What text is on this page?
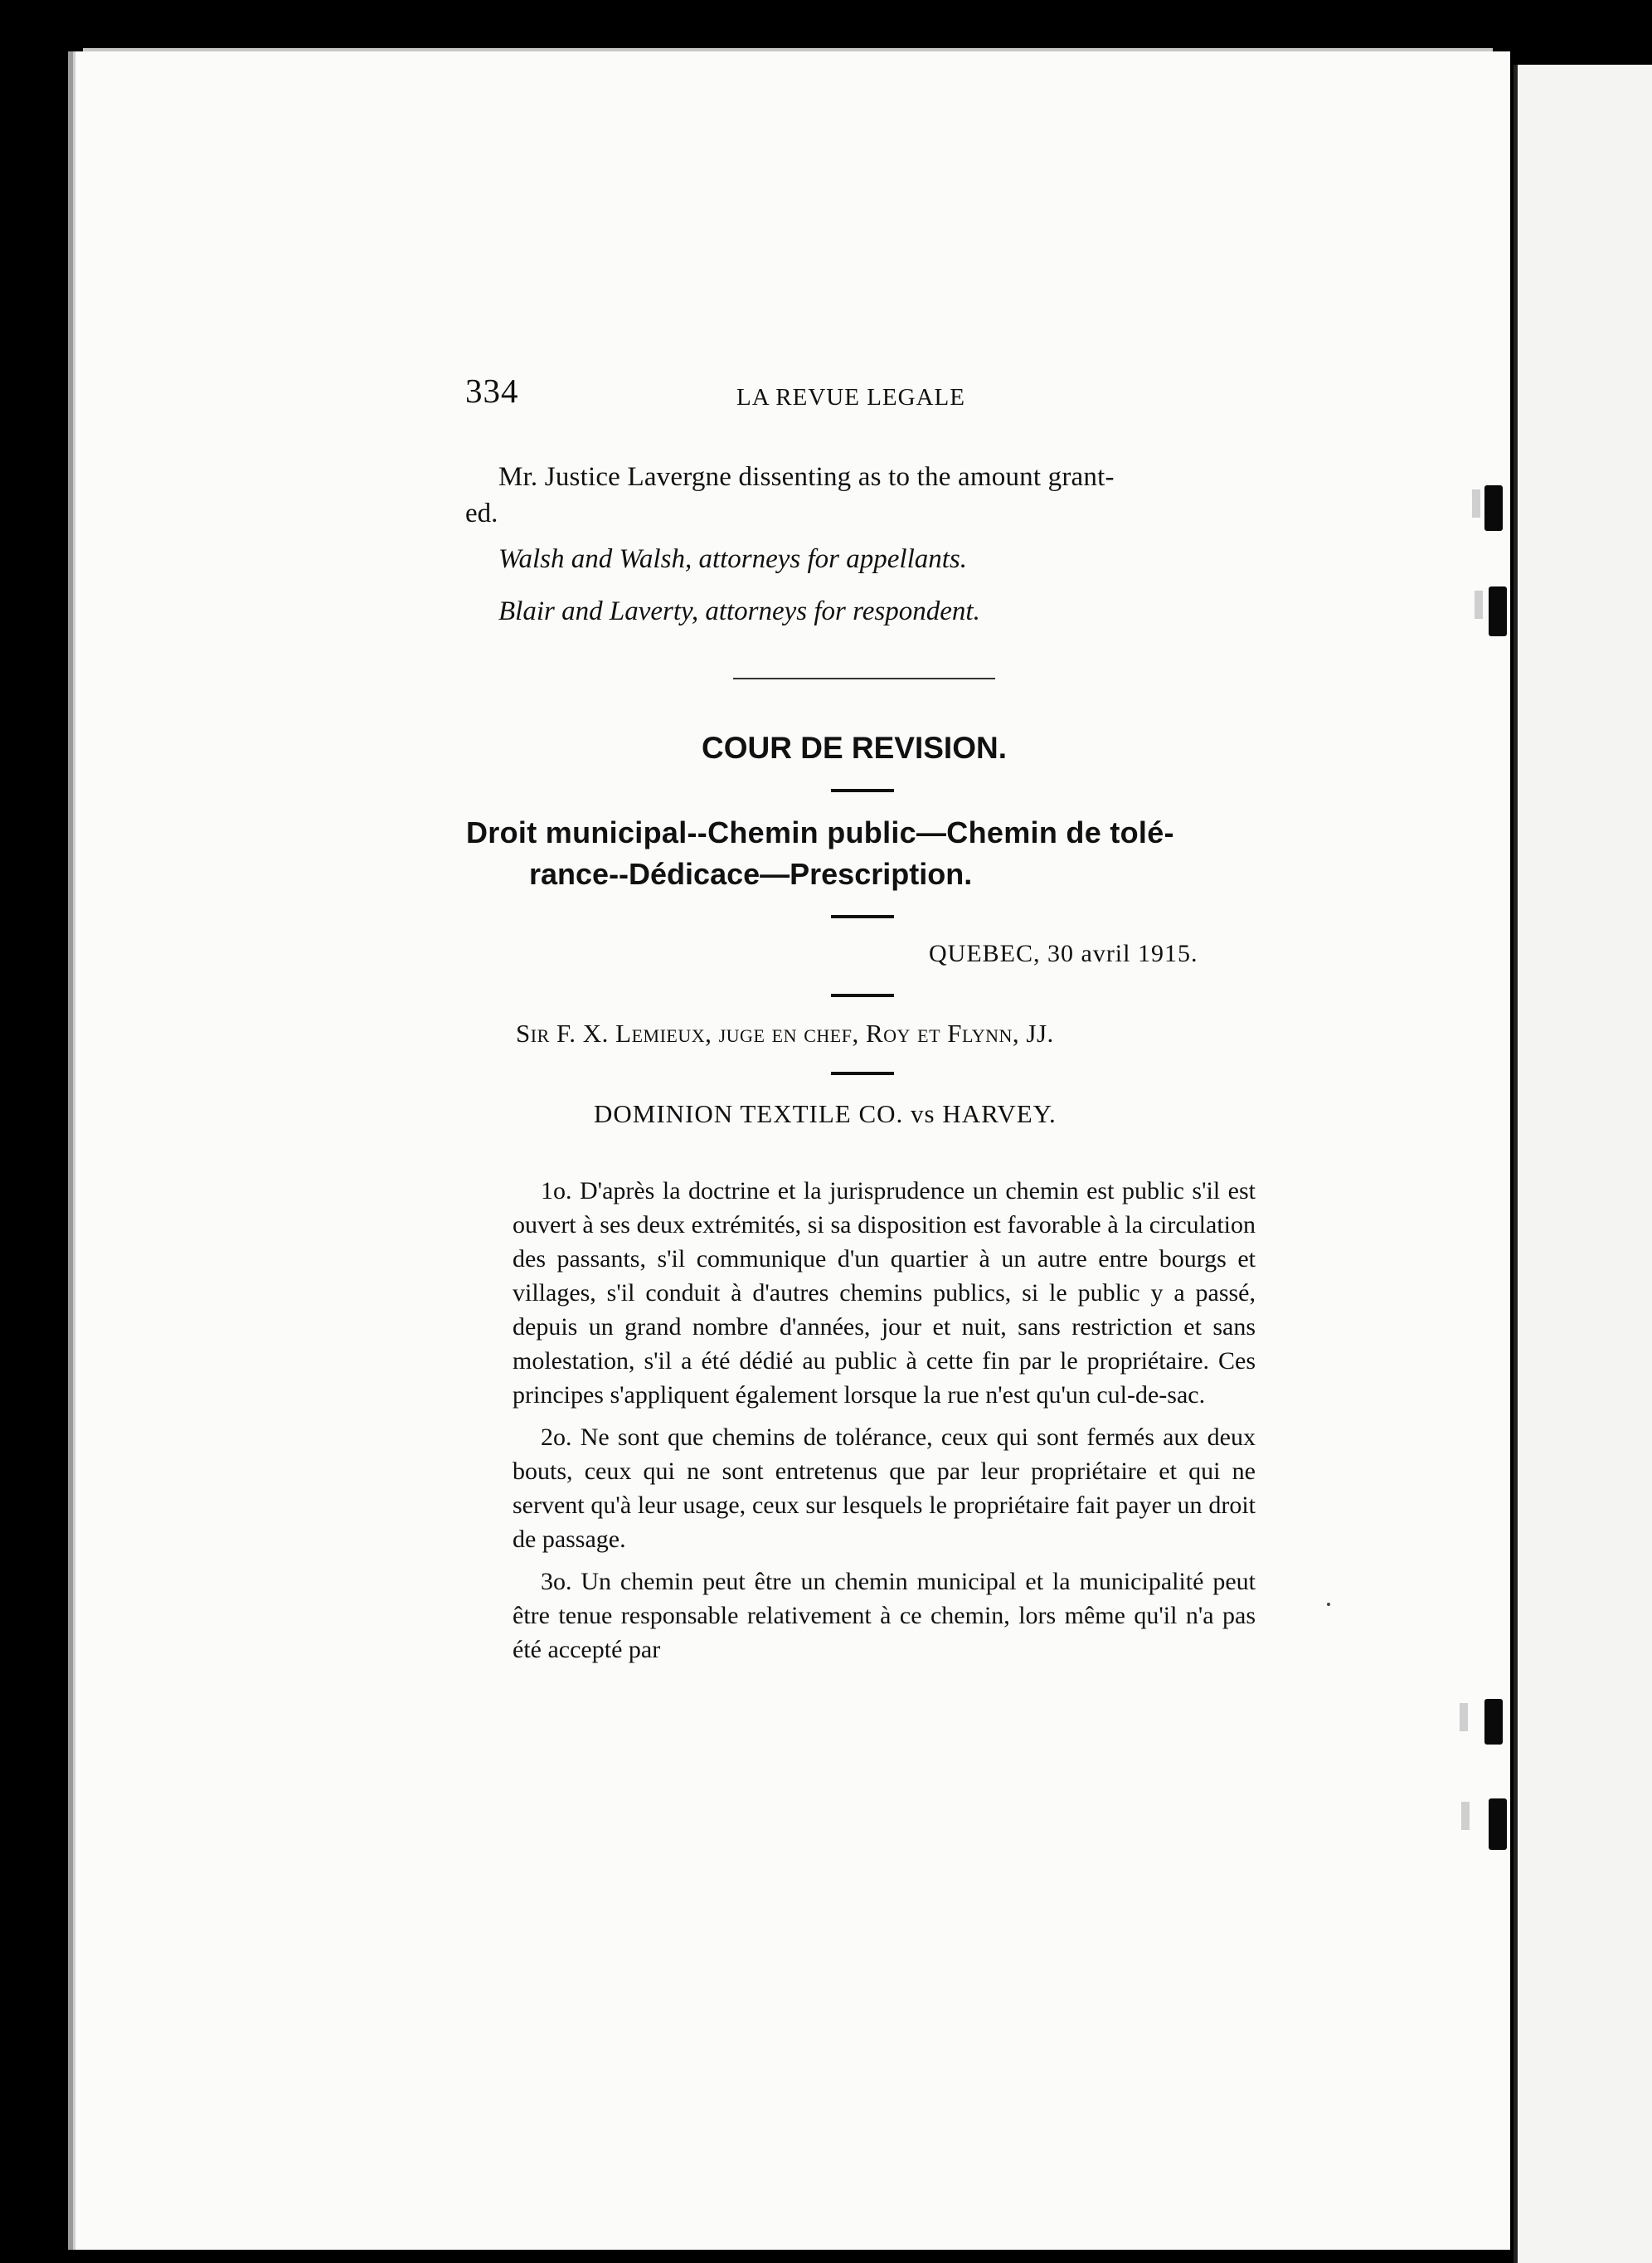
334	LA REVUE LEGALE
Mr. Justice Lavergne dissenting as to the amount grant-
ed.
Walsh and Walsh, attorneys for appellants.
Blair and Laverty, attorneys for respondent.
COUR DE REVISION.
Droit municipal--Chemin public—Chemin de tolé-
rance--Dédicace—Prescription.
QUEBEC, 30 avril 1915.
Sir F. X. Lemieux, juge en chef, Roy et Flynn, JJ.
DOMINION TEXTILE CO. vs HARVEY.

1o. D'après la doctrine et la jurisprudence un chemin est public s'il est ouvert à ses deux extrémités, si sa disposition est favorable à la circulation des passants, s'il communique d'un quartier à un autre entre bourgs et villages, s'il conduit à d'autres chemins publics, si le public y a passé, depuis un grand nombre d'années, jour et nuit, sans restriction et sans molestation, s'il a été dédié au public à cette fin par le propriétaire. Ces principes s'appliquent également lorsque la rue n'est qu'un cul-de-sac.

2o. Ne sont que chemins de tolérance, ceux qui sont fermés aux deux bouts, ceux qui ne sont entretenus que par leur propriétaire et qui ne servent qu'à leur usage, ceux sur lesquels le propriétaire fait payer un droit de passage.

3o. Un chemin peut être un chemin municipal et la municipalité peut être tenue responsable relativement à ce chemin, lors même qu'il n'a pas été accepté par
